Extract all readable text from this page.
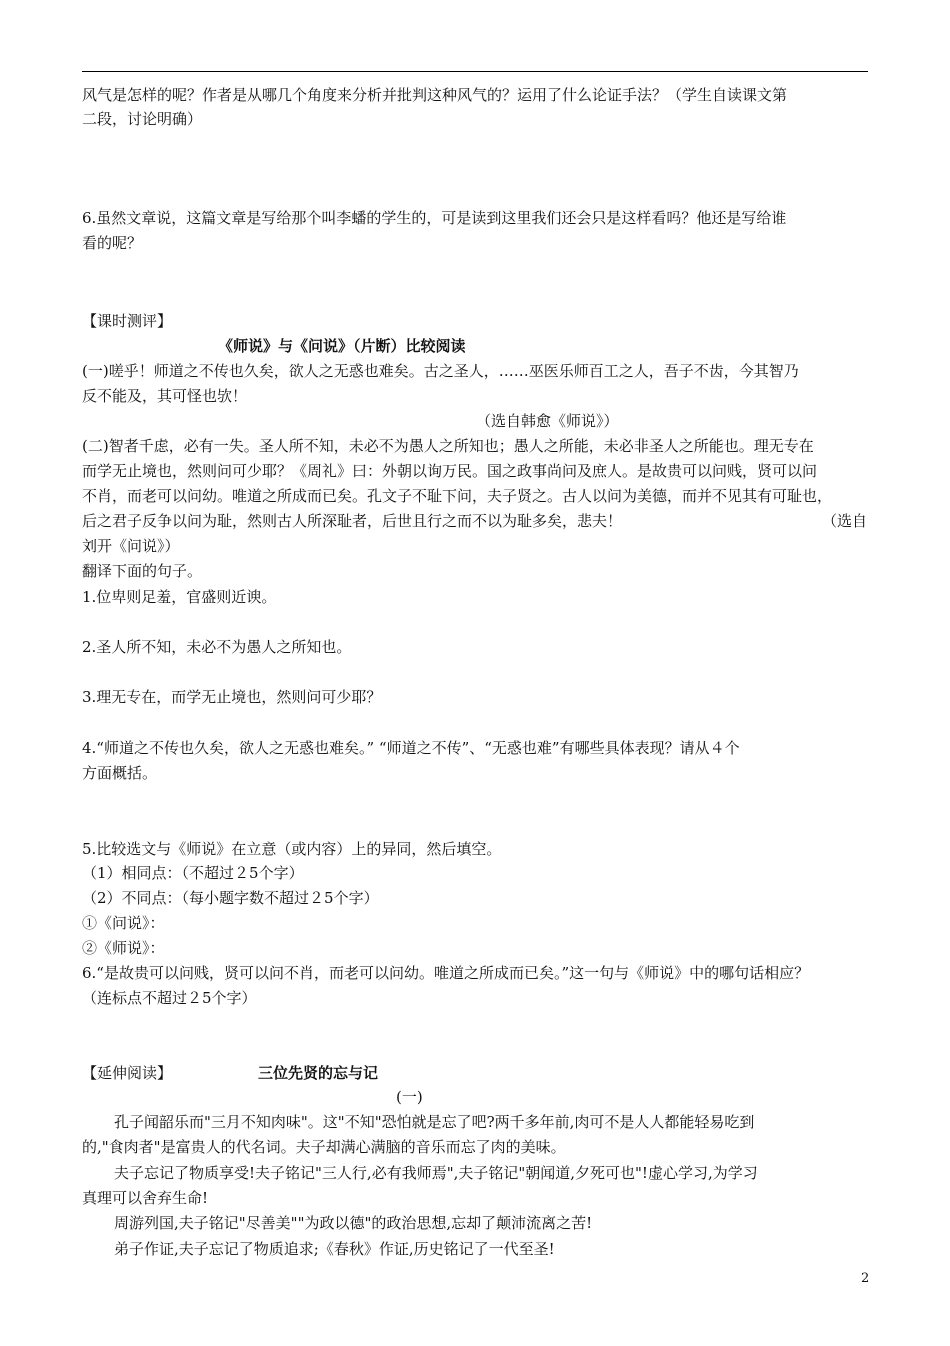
风气是怎样的呢？作者是从哪几个角度来分析并批判这种风气的？运用了什么论证手法？（学生自读课文第
二段，讨论明确）
6.虽然文章说，这篇文章是写给那个叫李蟠的学生的，可是读到这里我们还会只是这样看吗？他还是写给谁
看的呢？
【课时测评】
《师说》与《问说》（片断）比较阅读
(一)嗟乎！师道之不传也久矣，欲人之无惑也难矣。古之圣人，……巫医乐师百工之人，吾子不齿，今其智乃
反不能及，其可怪也欤！
（选自韩愈《师说》）
(二)智者千虑，必有一失。圣人所不知，未必不为愚人之所知也；愚人之所能，未必非圣人之所能也。理无专在
而学无止境也，然则问可少耶？《周礼》曰：外朝以询万民。国之政事尚问及庶人。是故贵可以问贱，贤可以问
不肖，而老可以问幼。唯道之所成而已矣。孔文子不耻下问，夫子贤之。古人以问为美德，而并不见其有可耻也，
后之君子反争以问为耻，然则古人所深耻者，后世且行之而不以为耻多矣，悲夫！	（选自
刘开《问说》）
翻译下面的句子。
1.位卑则足羞，官盛则近谀。
2.圣人所不知，未必不为愚人之所知也。
3.理无专在，而学无止境也，然则问可少耶？
4.“师道之不传也久矣，欲人之无惑也难矣。” “师道之不传”、“无惑也难”有哪些具体表现？请从４个
方面概括。
5.比较选文与《师说》在立意（或内容）上的异同，然后填空。
（1）相同点：（不超过２5个字）
（2）不同点：（每小题字数不超过２5个字）
①《问说》：
②《师说》：
6.“是故贵可以问贱，贤可以问不肖，而老可以问幼。唯道之所成而已矣。”这一句与《师说》中的哪句话相应？
（连标点不超过２5个字）
【延伸阅读】	三位先贤的忘与记
(一)
孔子闻韶乐而"三月不知肉味"。这"不知"恐怕就是忘了吧?两千多年前,肉可不是人人都能轻易吃到
的,"食肉者"是富贵人的代名词。夫子却满心满脑的音乐而忘了肉的美味。
夫子忘记了物质享受!夫子铭记"三人行,必有我师焉",夫子铭记"朝闻道,夕死可也"!虚心学习,为学习
真理可以舍弃生命!
周游列国,夫子铭记"尽善美""为政以德"的政治思想,忘却了颠沛流离之苦!
弟子作证,夫子忘记了物质追求;《春秋》作证,历史铭记了一代至圣!
2
